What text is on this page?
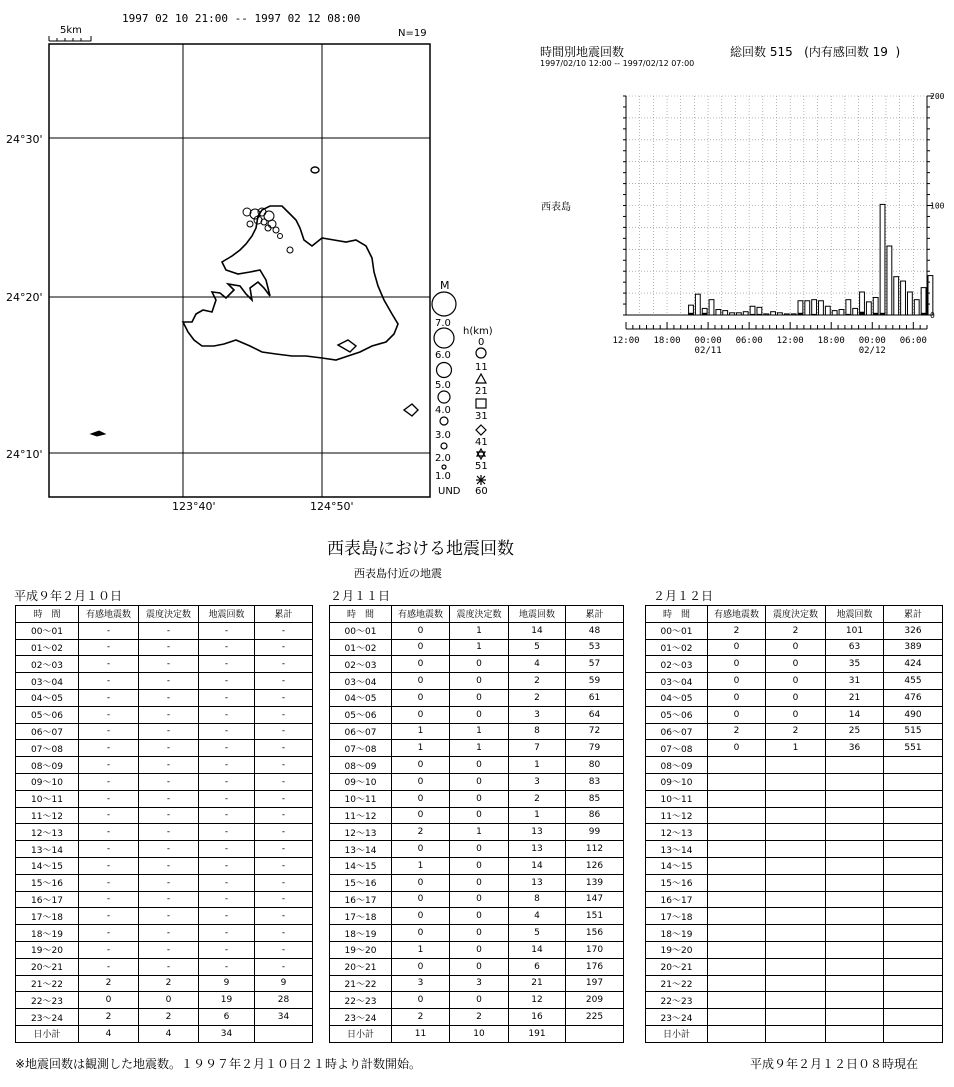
1997 02 10 21:00 -- 1997 02 12 08:00
N=19
5km
24°30'
24°20'
24°10'
123°40'	124°50'
M
7.0
6.0
5.0
4.0
3.0
2.0
1.0
UND
h(km)
0
11
21
31
41
51
60
時間別地震回数
1997/02/10 12:00 -- 1997/02/12 07:00
総回数 515   (内有感回数 19  )
西表島
12:00 18:00 00:00 06:00 12:00 18:00 00:00 06:00
02/11	02/12
200
100
0
西表島における地震回数
西表島付近の地震
平成９年２月１０日	２月１１日	２月１２日
時　間	有感地震数	震度決定数	地震回数	累計
00～01	-	-	-	-
01～02	-	-	-	-
02～03	-	-	-	-
03～04	-	-	-	-
04～05	-	-	-	-
05～06	-	-	-	-
06～07	-	-	-	-
07～08	-	-	-	-
08～09	-	-	-	-
09～10	-	-	-	-
10～11	-	-	-	-
11～12	-	-	-	-
12～13	-	-	-	-
13～14	-	-	-	-
14～15	-	-	-	-
15～16	-	-	-	-
16～17	-	-	-	-
17～18	-	-	-	-
18～19	-	-	-	-
19～20	-	-	-	-
20～21	-	-	-	-
21～22	2	2	9	9
22～23	0	0	19	28
23～24	2	2	6	34
日小計	4	4	34	
時　間	有感地震数	震度決定数	地震回数	累計
00～01	0	1	14	48
01～02	0	1	5	53
02～03	0	0	4	57
03～04	0	0	2	59
04～05	0	0	2	61
05～06	0	0	3	64
06～07	1	1	8	72
07～08	1	1	7	79
08～09	0	0	1	80
09～10	0	0	3	83
10～11	0	0	2	85
11～12	0	0	1	86
12～13	2	1	13	99
13～14	0	0	13	112
14～15	1	0	14	126
15～16	0	0	13	139
16～17	0	0	8	147
17～18	0	0	4	151
18～19	0	0	5	156
19～20	1	0	14	170
20～21	0	0	6	176
21～22	3	3	21	197
22～23	0	0	12	209
23～24	2	2	16	225
日小計	11	10	191	
時　間	有感地震数	震度決定数	地震回数	累計
00～01	2	2	101	326
01～02	0	0	63	389
02～03	0	0	35	424
03～04	0	0	31	455
04～05	0	0	21	476
05～06	0	0	14	490
06～07	2	2	25	515
07～08	0	1	36	551
08～09				
09～10				
10～11				
11～12				
12～13				
13～14				
14～15				
15～16				
16～17				
17～18				
18～19				
19～20				
20～21				
21～22				
22～23				
23～24				
日小計				
※地震回数は観測した地震数。１９９７年２月１０日２１時より計数開始。	平成９年２月１２日０８時現在
